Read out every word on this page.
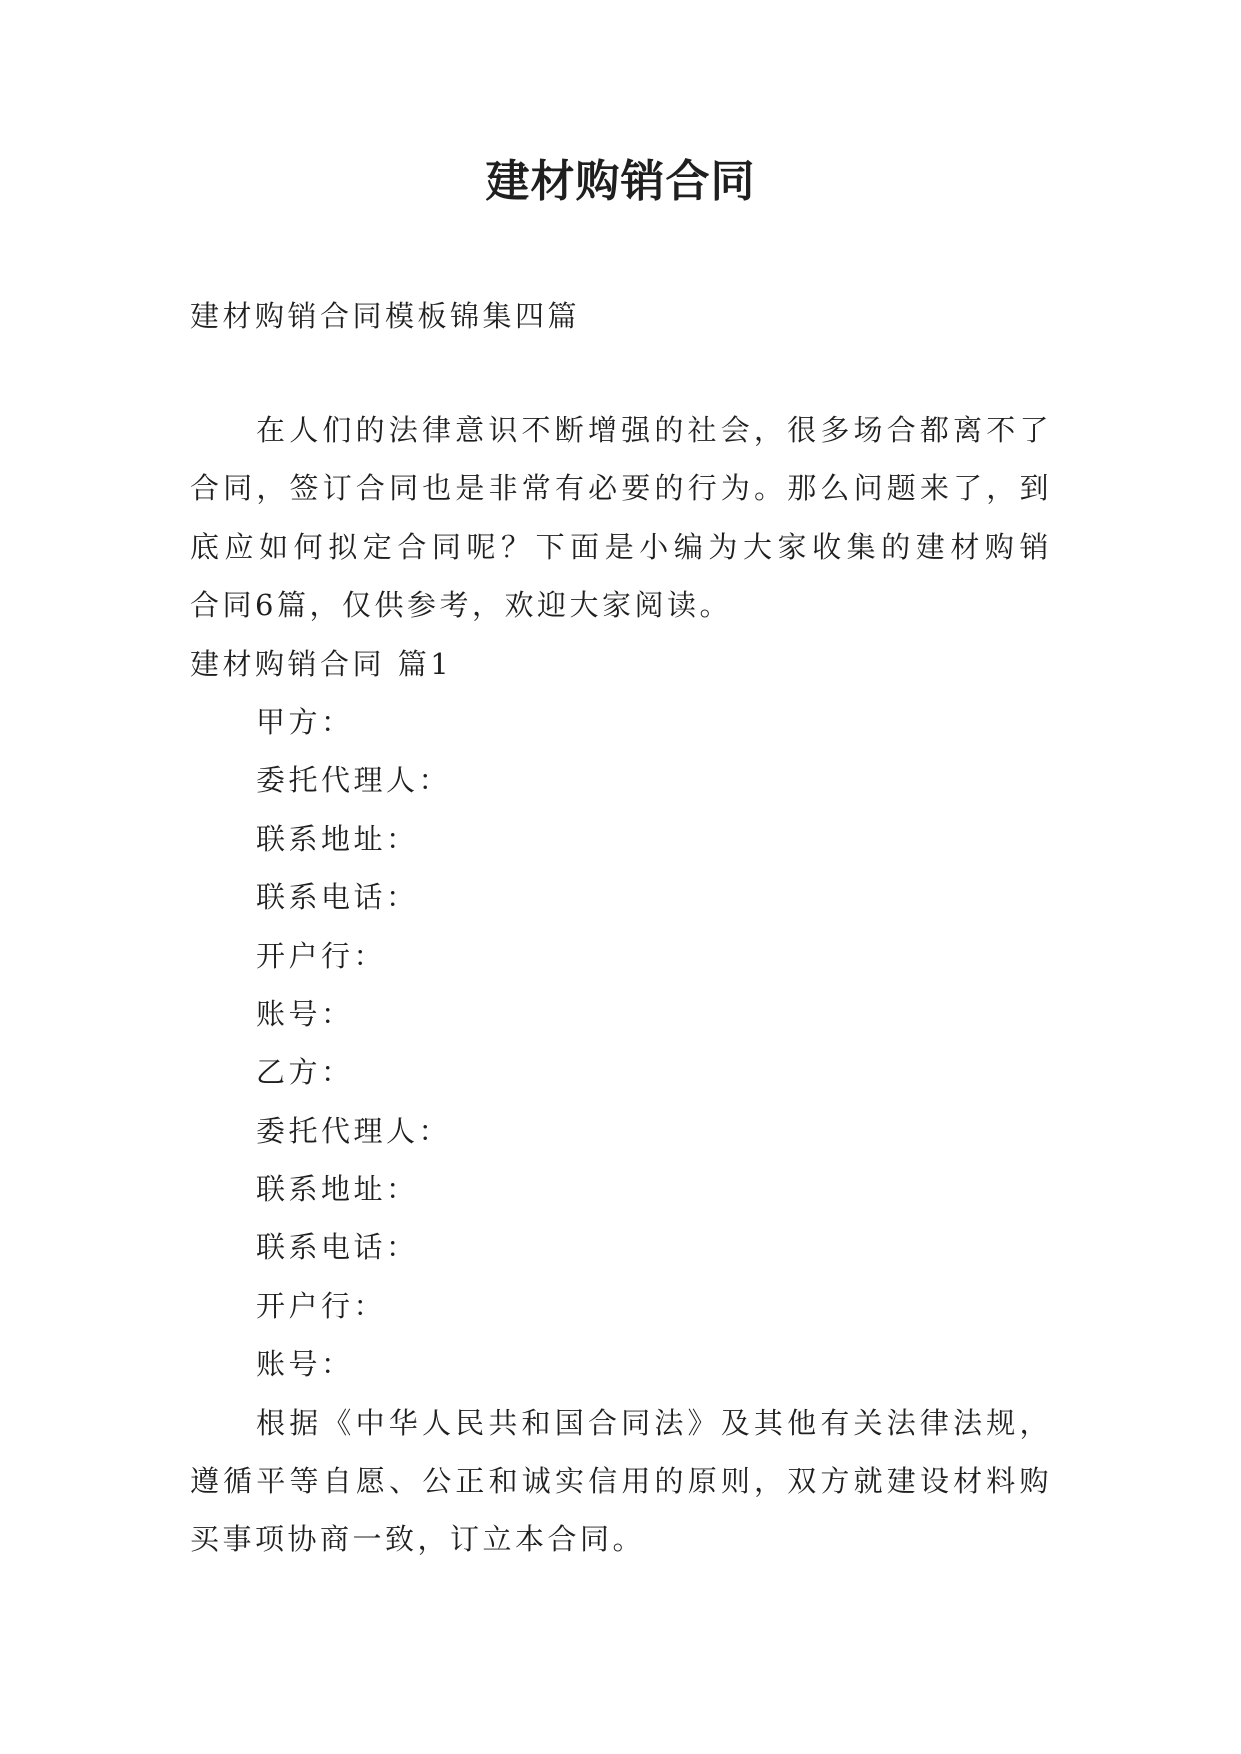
建材购销合同
建材购销合同模板锦集四篇
在人们的法律意识不断增强的社会，很多场合都离不了
合同，签订合同也是非常有必要的行为。那么问题来了，到
底应如何拟定合同呢？下面是小编为大家收集的建材购销
合同6篇，仅供参考，欢迎大家阅读。
建材购销合同 篇1
甲方：
委托代理人：
联系地址：
联系电话：
开户行：
账号：
乙方：
委托代理人：
联系地址：
联系电话：
开户行：
账号：
根据《中华人民共和国合同法》及其他有关法律法规，
遵循平等自愿、公正和诚实信用的原则，双方就建设材料购
买事项协商一致，订立本合同。
